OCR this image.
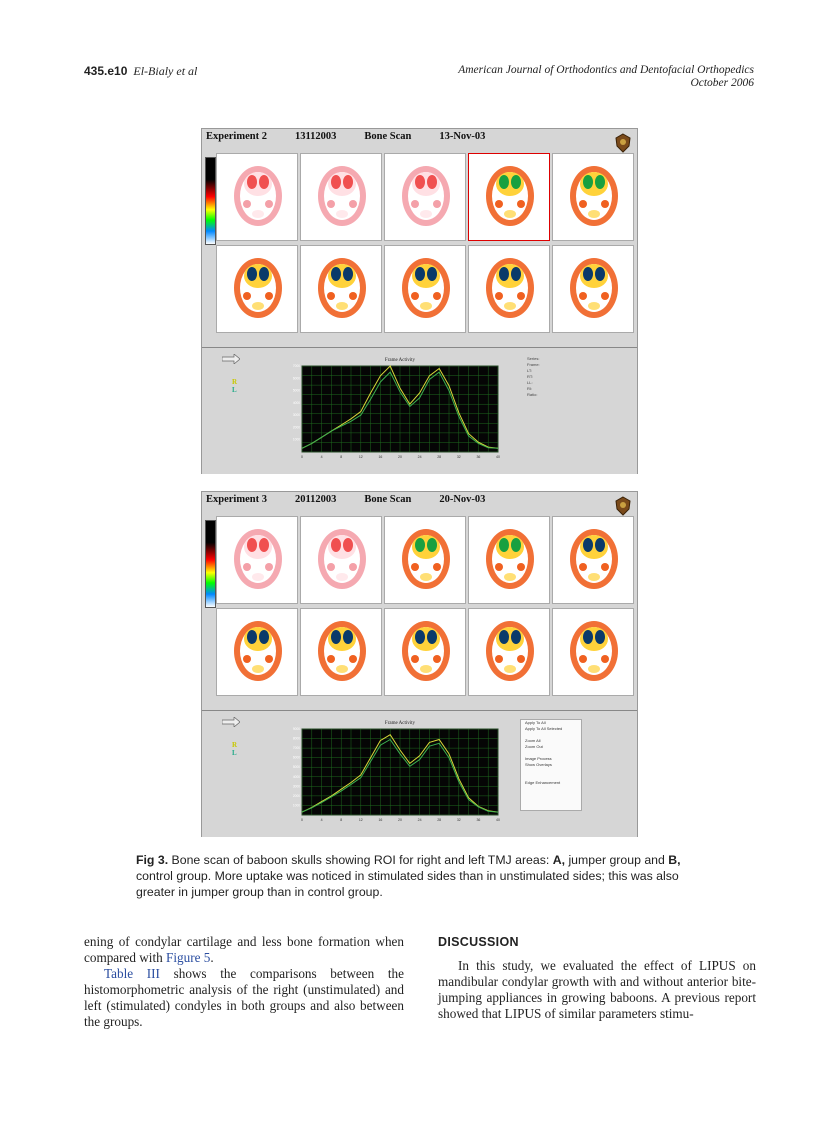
435.e10 El-Bialy et al	American Journal of Orthodontics and Dentofacial Orthopedics
October 2006
Experiment 2	13112003	Bone Scan	13-Nov-03
R
L
Frame Activity
0	4	8	12	16	20	24	28	32	36	40
1000
2000
3000
4000
5000
6000
7000
Series:
Frame:
LT:
RT:
LL:
RI:
Ratio:
Experiment 3	20112003	Bone Scan	20-Nov-03
R
L
Frame Activity
0	4	8	12	16	20	24	28	32	36	40
1000
2000
3000
4000
5000
6000
7000
8000
9000
Apply To All
Apply To All Selected
Zoom All
Zoom Out
Image Process
Show Overlays
Edge Enhancement
Fig 3. Bone scan of baboon skulls showing ROI for right and left TMJ areas: A, jumper group and B, control group. More uptake was noticed in stimulated sides than in unstimulated sides; this was also greater in jumper group than in control group.

ening of condylar cartilage and less bone formation when compared with Figure 5.

Table III shows the comparisons between the histomorphometric analysis of the right (unstimulated) and left (stimulated) condyles in both groups and also between the groups.

DISCUSSION

In this study, we evaluated the effect of LIPUS on mandibular condylar growth with and without anterior bite-jumping appliances in growing baboons. A previous report showed that LIPUS of similar parameters stimu-
